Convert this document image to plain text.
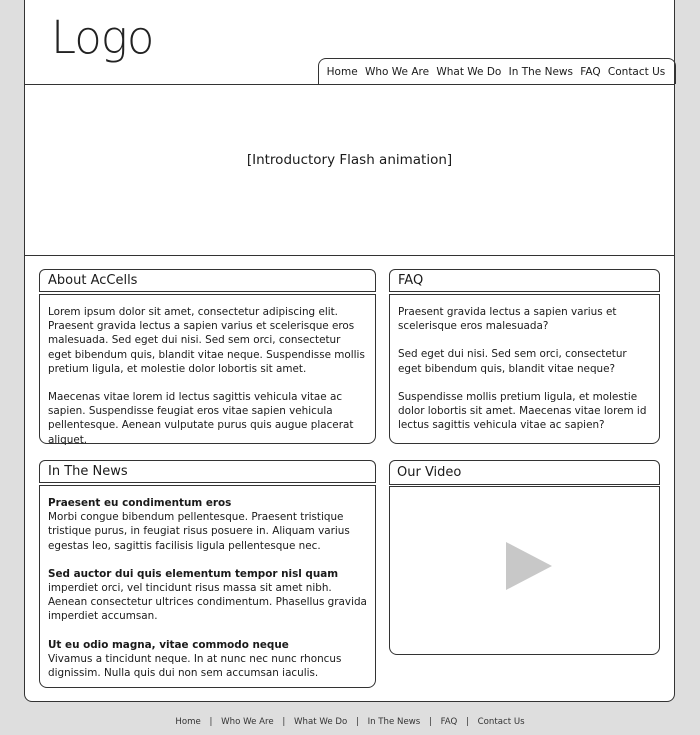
Logo
Home Who We Are What We Do In The News FAQ Contact Us
[Introductory Flash animation]
About AcCells

Lorem ipsum dolor sit amet, consectetur adipiscing elit. Praesent gravida lectus a sapien varius et scelerisque eros malesuada. Sed eget dui nisi. Sed sem orci, consectetur eget bibendum quis, blandit vitae neque. Suspendisse mollis pretium ligula, et molestie dolor lobortis sit amet.

Maecenas vitae lorem id lectus sagittis vehicula vitae ac sapien. Suspendisse feugiat eros vitae sapien vehicula pellentesque. Aenean vulputate purus quis augue placerat aliquet.

FAQ

Praesent gravida lectus a sapien varius et scelerisque eros malesuada?

Sed eget dui nisi. Sed sem orci, consectetur eget bibendum quis, blandit vitae neque?

Suspendisse mollis pretium ligula, et molestie dolor lobortis sit amet. Maecenas vitae lorem id lectus sagittis vehicula vitae ac sapien?

In The News
Praesent eu condimentum eros

Morbi congue bibendum pellentesque. Praesent tristique tristique purus, in feugiat risus posuere in. Aliquam varius egestas leo, sagittis facilisis ligula pellentesque nec.

Sed auctor dui quis elementum tempor nisl quam

imperdiet orci, vel tincidunt risus massa sit amet nibh. Aenean consectetur ultrices condimentum. Phasellus gravida imperdiet accumsan.

Ut eu odio magna, vitae commodo neque

Vivamus a tincidunt neque. In at nunc nec nunc rhoncus dignissim. Nulla quis dui non sem accumsan iaculis.

Our Video
Home | Who We Are | What We Do | In The News | FAQ | Contact Us
